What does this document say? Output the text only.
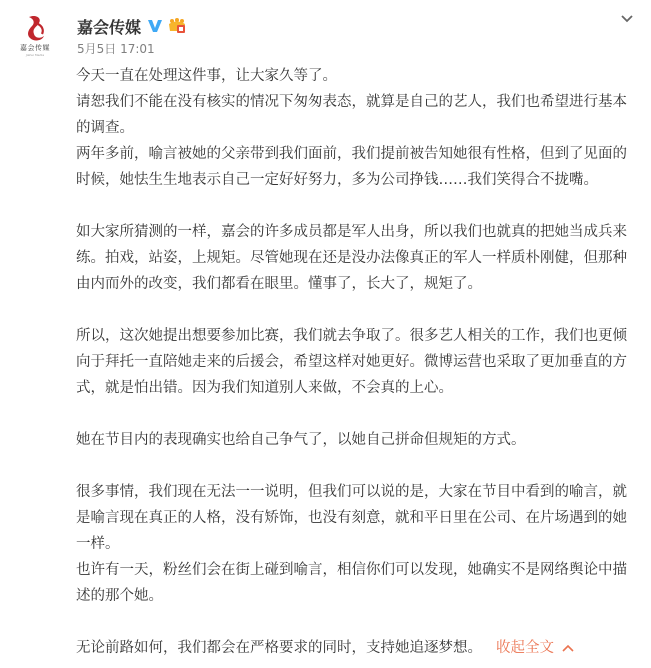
嘉会传媒
Jiahui Media
嘉会传媒
5月5日 17:01

今天一直在处理这件事，让大家久等了。

请恕我们不能在没有核实的情况下匆匆表态，就算是自己的艺人，我们也希望进行基本的调查。

两年多前，喻言被她的父亲带到我们面前，我们提前被告知她很有性格，但到了见面的时候，她怯生生地表示自己一定好好努力，多为公司挣钱……我们笑得合不拢嘴。

如大家所猜测的一样，嘉会的许多成员都是军人出身，所以我们也就真的把她当成兵来练。拍戏，站姿，上规矩。尽管她现在还是没办法像真正的军人一样质朴刚健，但那种由内而外的改变，我们都看在眼里。懂事了，长大了，规矩了。

所以，这次她提出想要参加比赛，我们就去争取了。很多艺人相关的工作，我们也更倾向于拜托一直陪她走来的后援会，希望这样对她更好。微博运营也采取了更加垂直的方式，就是怕出错。因为我们知道别人来做，不会真的上心。

她在节目内的表现确实也给自己争气了，以她自己拼命但规矩的方式。

很多事情，我们现在无法一一说明，但我们可以说的是，大家在节目中看到的喻言，就是喻言现在真正的人格，没有矫饰，也没有刻意，就和平日里在公司、在片场遇到的她一样。

也许有一天，粉丝们会在街上碰到喻言，相信你们可以发现，她确实不是网络舆论中描述的那个她。

无论前路如何，我们都会在严格要求的同时，支持她追逐梦想。 收起全文
